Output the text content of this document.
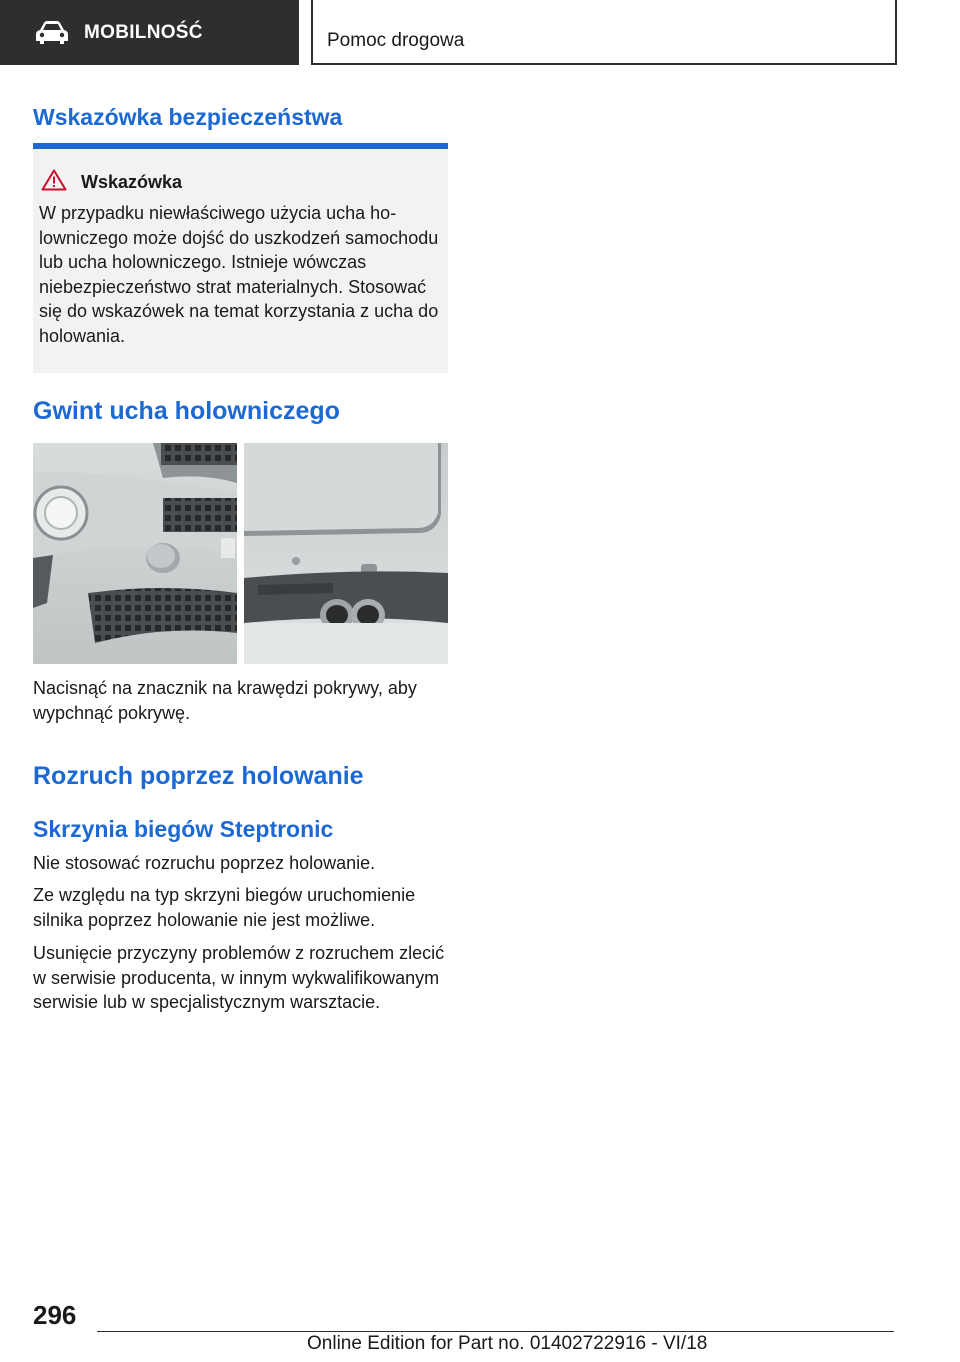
MOBILNOŚĆ	Pomoc drogowa
Wskazówka bezpieczeństwa
Wskazówka
W przypadku niewłaściwego użycia ucha holowniczego może dojść do uszkodzeń samochodu lub ucha holowniczego. Istnieje wówczas niebezpieczeństwo strat materialnych. Stosować się do wskazówek na temat korzystania z ucha do holowania.
Gwint ucha holowniczego
Nacisnąć na znacznik na krawędzi pokrywy, aby wypchnąć pokrywę.
Rozruch poprzez holowanie
Skrzynia biegów Steptronic
Nie stosować rozruchu poprzez holowanie.
Ze względu na typ skrzyni biegów uruchomienie silnika poprzez holowanie nie jest możliwe.
Usunięcie przyczyny problemów z rozruchem zlecić w serwisie producenta, w innym wykwalifikowanym serwisie lub w specjalistycznym warsztacie.
296
Online Edition for Part no. 01402722916 - VI/18
